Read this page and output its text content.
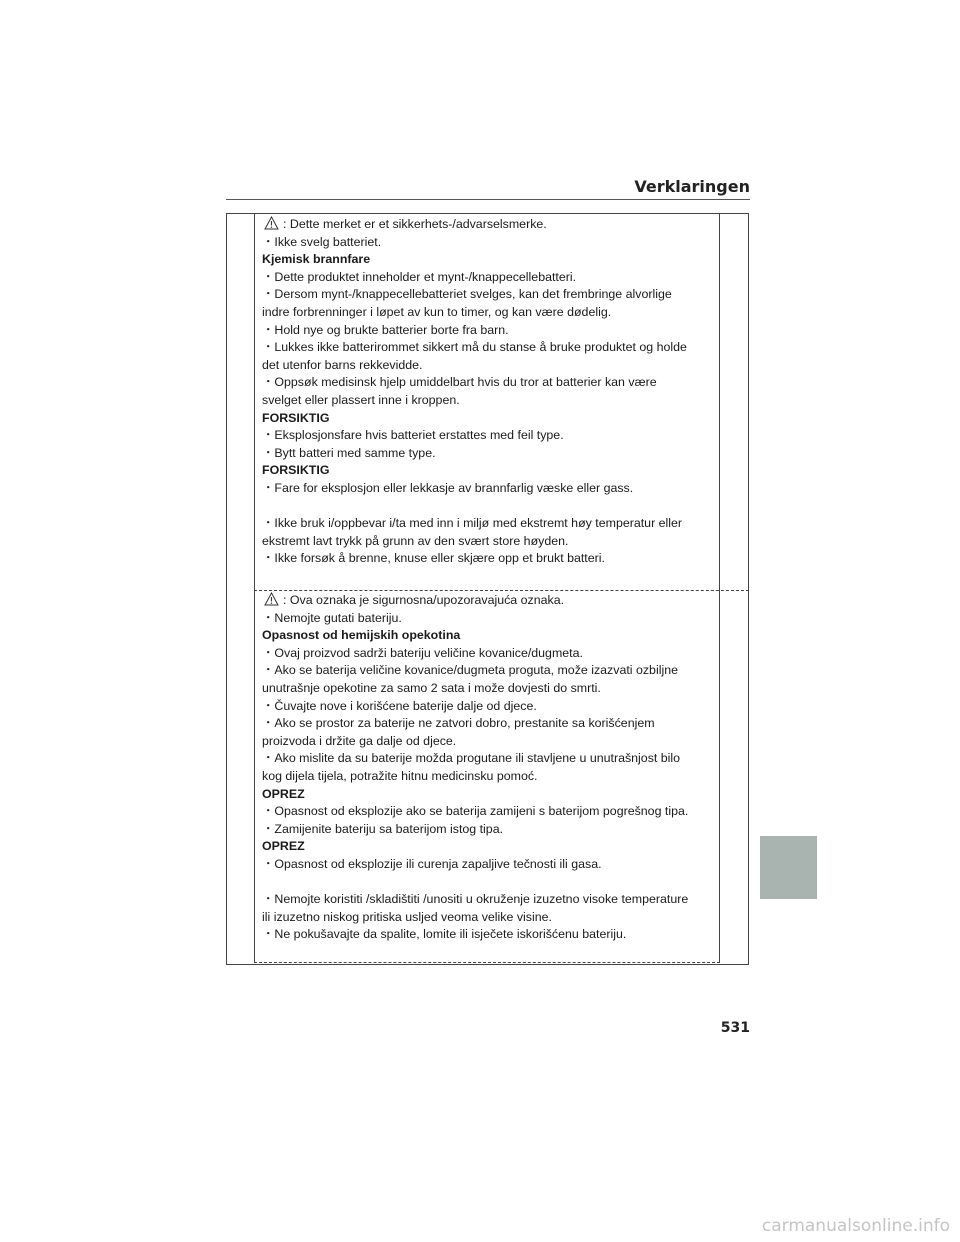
Verklaringen
: Dette merket er et sikkerhets-/advarselsmerke.
・Ikke svelg batteriet.
Kjemisk brannfare
・Dette produktet inneholder et mynt-/knappecellebatteri.
・Dersom mynt-/knappecellebatteriet svelges, kan det frembringe alvorlige
indre forbrenninger i løpet av kun to timer, og kan være dødelig.
・Hold nye og brukte batterier borte fra barn.
・Lukkes ikke batterirommet sikkert må du stanse å bruke produktet og holde
det utenfor barns rekkevidde.
・Oppsøk medisinsk hjelp umiddelbart hvis du tror at batterier kan være
svelget eller plassert inne i kroppen.
FORSIKTIG
・Eksplosjonsfare hvis batteriet erstattes med feil type.
・Bytt batteri med samme type.
FORSIKTIG
・Fare for eksplosjon eller lekkasje av brannfarlig væske eller gass.
・Ikke bruk i/oppbevar i/ta med inn i miljø med ekstremt høy temperatur eller
ekstremt lavt trykk på grunn av den svært store høyden.
・Ikke forsøk å brenne, knuse eller skjære opp et brukt batteri.
: Ova oznaka je sigurnosna/upozoravajuća oznaka.
・Nemojte gutati bateriju.
Opasnost od hemijskih opekotina
・Ovaj proizvod sadrži bateriju veličine kovanice/dugmeta.
・Ako se baterija veličine kovanice/dugmeta proguta, može izazvati ozbiljne
unutrašnje opekotine za samo 2 sata i može dovjesti do smrti.
・Čuvajte nove i korišćene baterije dalje od djece.
・Ako se prostor za baterije ne zatvori dobro, prestanite sa korišćenjem
proizvoda i držite ga dalje od djece.
・Ako mislite da su baterije možda progutane ili stavljene u unutrašnjost bilo
kog dijela tijela, potražite hitnu medicinsku pomoć.
OPREZ
・Opasnost od eksplozije ako se baterija zamijeni s baterijom pogrešnog tipa.
・Zamijenite bateriju sa baterijom istog tipa.
OPREZ
・Opasnost od eksplozije ili curenja zapaljive tečnosti ili gasa.
・Nemojte koristiti /skladištiti /unositi u okruženje izuzetno visoke temperature
ili izuzetno niskog pritiska usljed veoma velike visine.
・Ne pokušavajte da spalite, lomite ili isječete iskorišćenu bateriju.
531
carmanualsonline.info
